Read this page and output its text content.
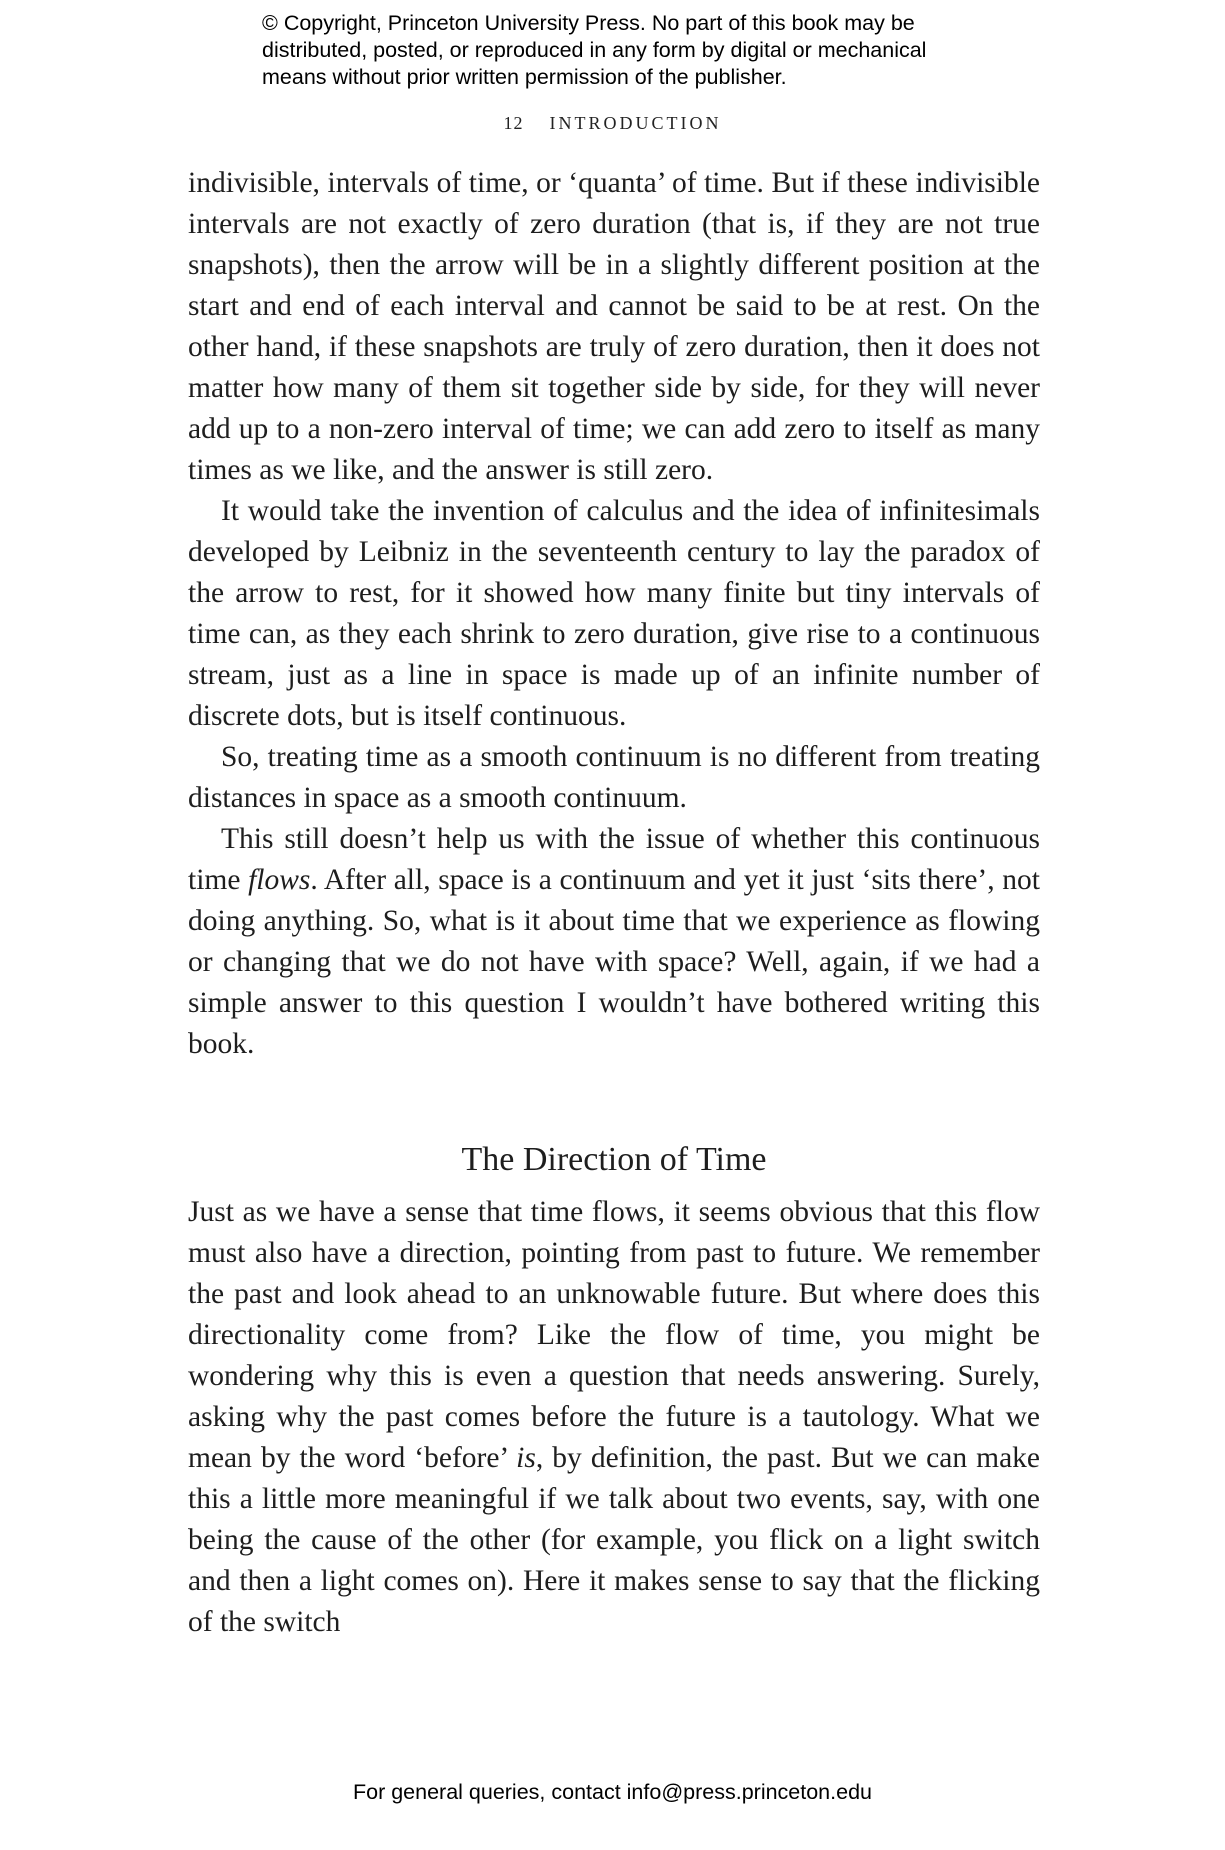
© Copyright, Princeton University Press. No part of this book may be
distributed, posted, or reproduced in any form by digital or mechanical
means without prior written permission of the publisher.
12 INTRODUCTION

indivisible, intervals of time, or ‘quanta’ of time. But if these indivisible intervals are not exactly of zero duration (that is, if they are not true snapshots), then the arrow will be in a slightly different position at the start and end of each interval and cannot be said to be at rest. On the other hand, if these snapshots are truly of zero duration, then it does not matter how many of them sit together side by side, for they will never add up to a non-zero interval of time; we can add zero to itself as many times as we like, and the answer is still zero.

It would take the invention of calculus and the idea of infinitesimals developed by Leibniz in the seventeenth century to lay the paradox of the arrow to rest, for it showed how many finite but tiny intervals of time can, as they each shrink to zero duration, give rise to a continuous stream, just as a line in space is made up of an infinite number of discrete dots, but is itself continuous.

So, treating time as a smooth continuum is no different from treating distances in space as a smooth continuum.

This still doesn’t help us with the issue of whether this continuous time flows. After all, space is a continuum and yet it just ‘sits there’, not doing anything. So, what is it about time that we experience as flowing or changing that we do not have with space? Well, again, if we had a simple answer to this question I wouldn’t have bothered writing this book.

The Direction of Time

Just as we have a sense that time flows, it seems obvious that this flow must also have a direction, pointing from past to future. We remember the past and look ahead to an unknowable future. But where does this directionality come from? Like the flow of time, you might be wondering why this is even a question that needs answering. Surely, asking why the past comes before the future is a tautology. What we mean by the word ‘before’ is, by definition, the past. But we can make this a little more meaningful if we talk about two events, say, with one being the cause of the other (for example, you flick on a light switch and then a light comes on). Here it makes sense to say that the flicking of the switch

For general queries, contact info@press.princeton.edu
